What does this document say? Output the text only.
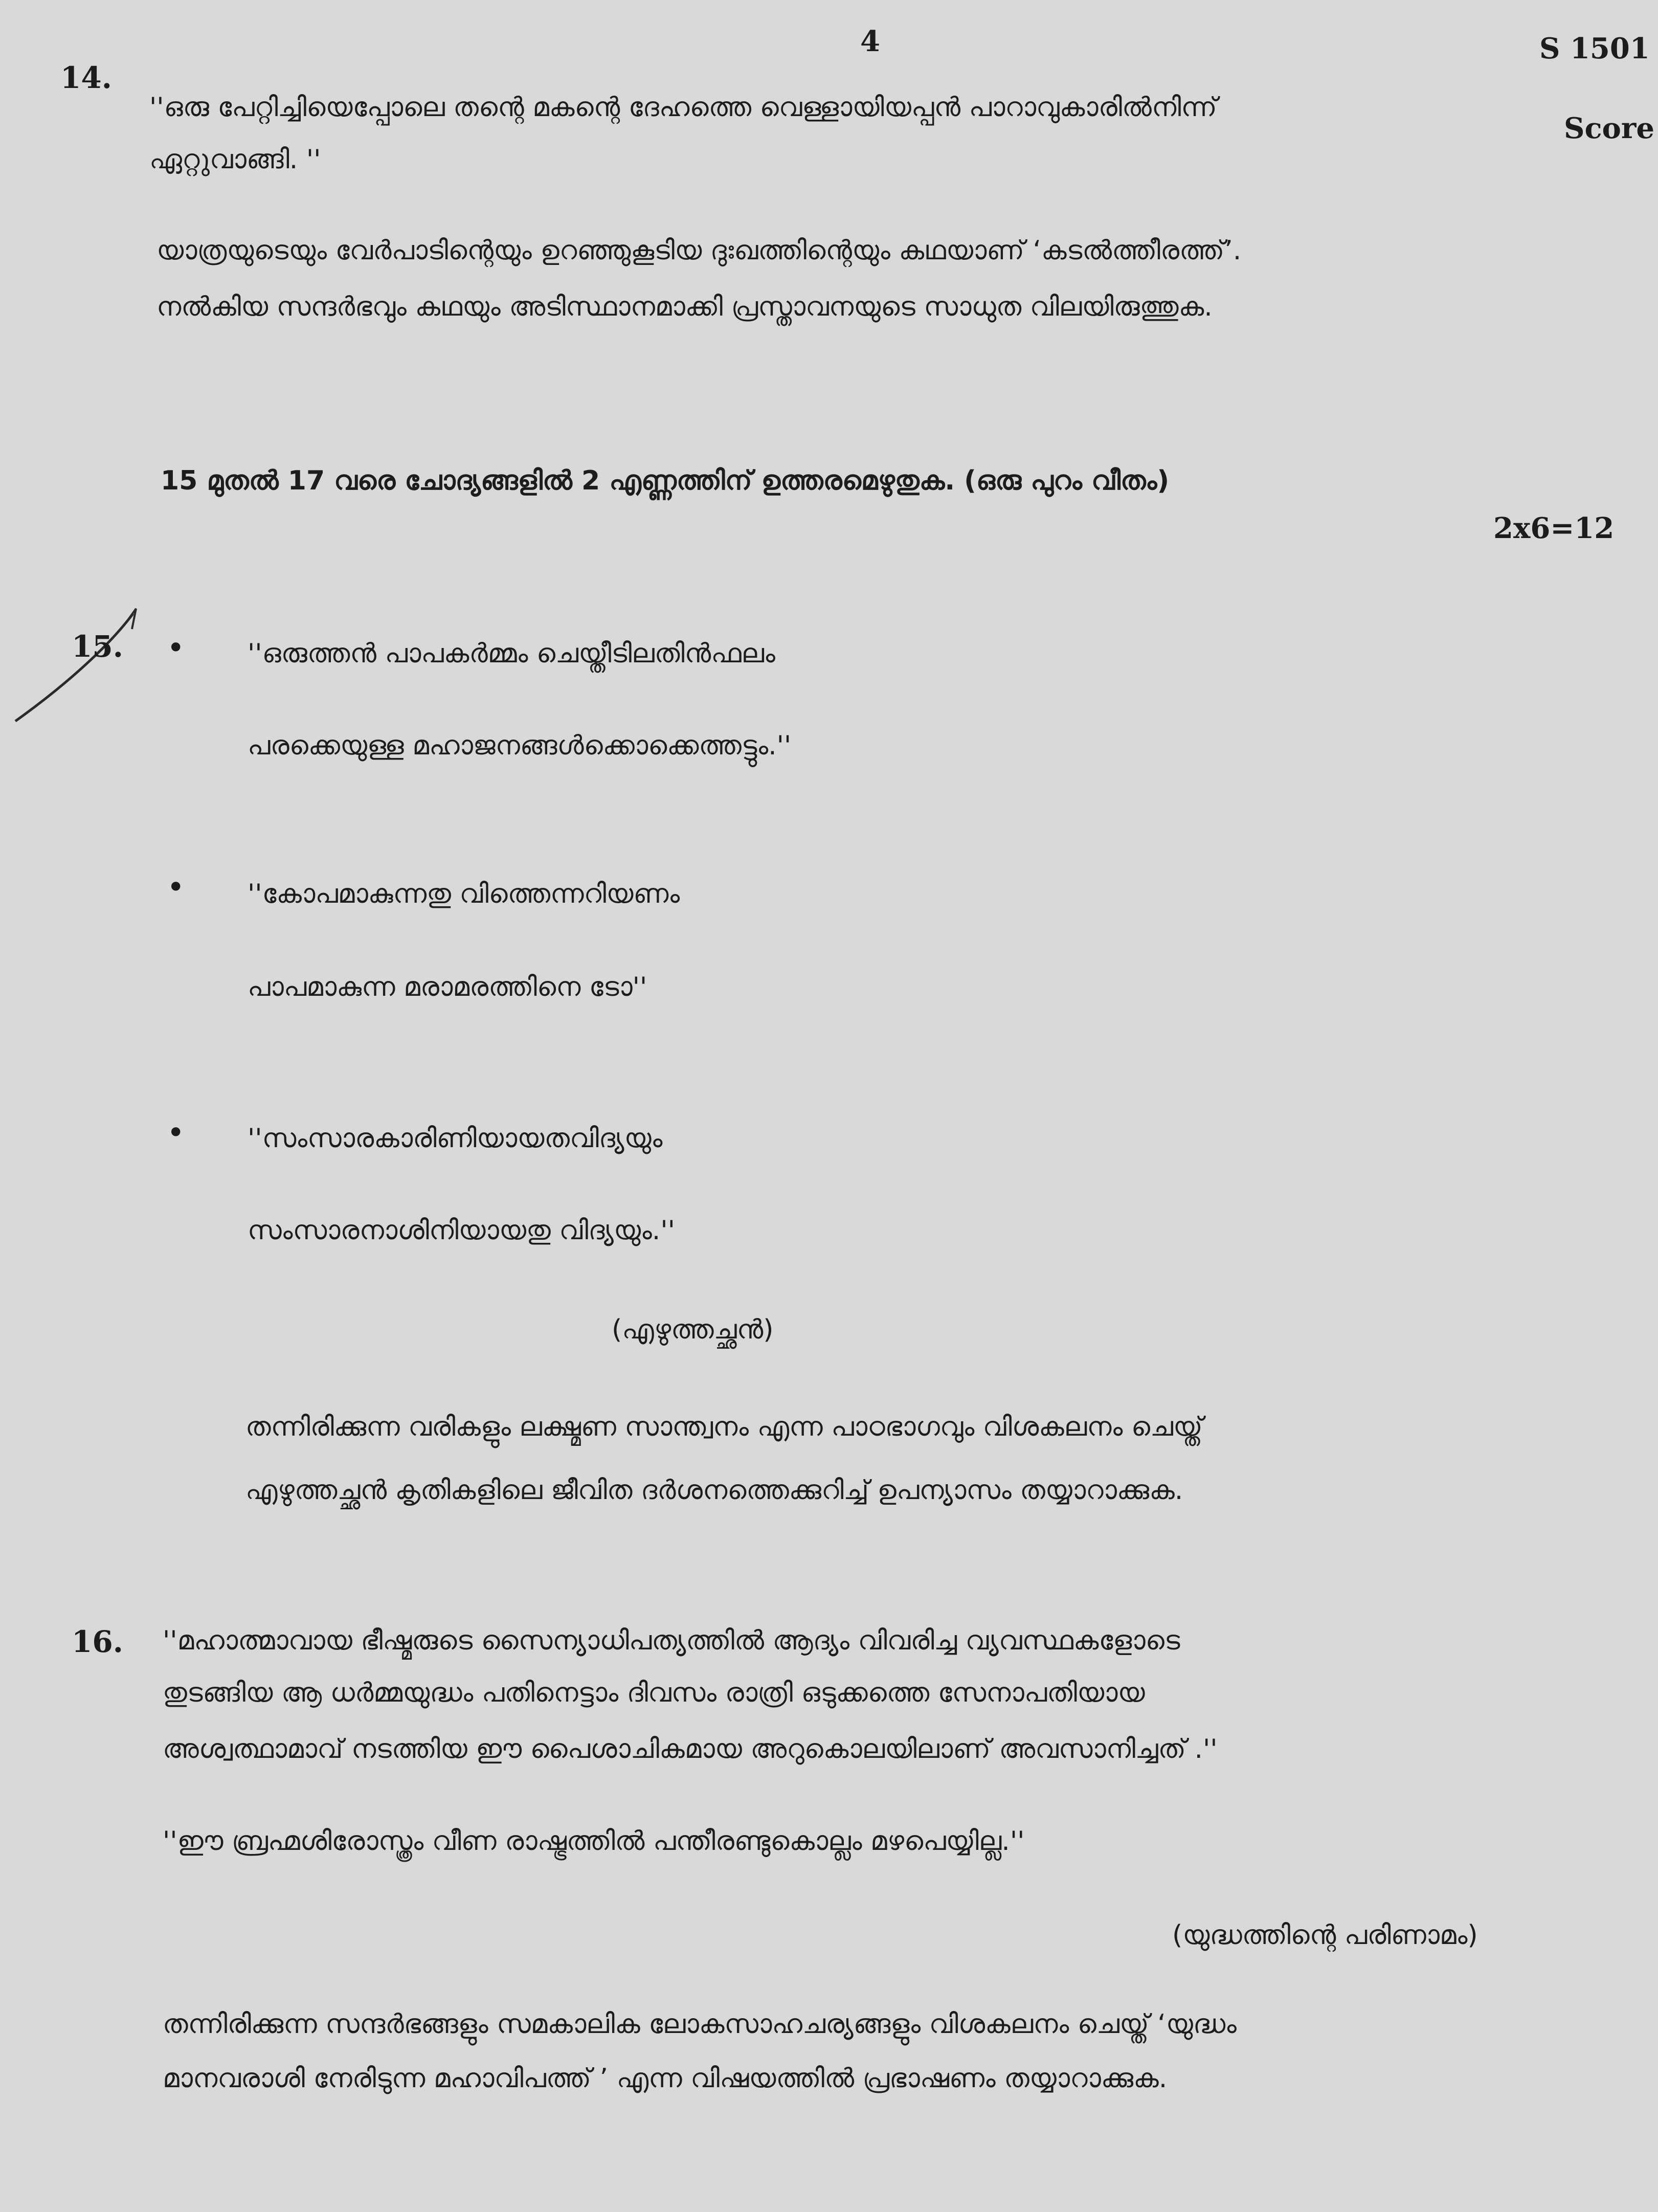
4	S 1501
Score
14.
''ഒരു പേറ്റിച്ചിയെപ്പോലെ തന്റെ മകന്റെ ദേഹത്തെ വെള്ളായിയപ്പൻ പാറാവുകാരിൽനിന്ന്
ഏറ്റുവാങ്ങി. ''
യാത്രയുടെയും വേർപാടിന്റെയും ഉറഞ്ഞുകൂടിയ ദുഃഖത്തിന്റെയും കഥയാണ് ‘കടൽത്തീരത്ത്’.
നൽകിയ സന്ദർഭവും കഥയും അടിസ്ഥാനമാക്കി പ്രസ്താവനയുടെ സാധുത വിലയിരുത്തുക.
15 മുതൽ 17 വരെ ചോദ്യങ്ങളിൽ 2 എണ്ണത്തിന് ഉത്തരമെഴുതുക. (ഒരു പുറം വീതം)
2x6=12
15. • ''ഒരുത്തൻ പാപകർമ്മം ചെയ്തീടിലതിൻഫലം
പരക്കെയുള്ള മഹാജനങ്ങൾക്കൊക്കെത്തട്ടും.''
• ''കോപമാകുന്നതു വിത്തെന്നറിയണം
പാപമാകുന്ന മരാമരത്തിനെ ടോ''
• ''സംസാരകാരിണിയായതവിദ്യയും
സംസാരനാശിനിയായതു വിദ്യയും.''
(എഴുത്തച്ഛൻ)
തന്നിരിക്കുന്ന വരികളും ലക്ഷ്മണ സാന്ത്വനം എന്ന പാഠഭാഗവും വിശകലനം ചെയ്ത്
എഴുത്തച്ഛൻ കൃതികളിലെ ജീവിത ദർശനത്തെക്കുറിച്ച് ഉപന്യാസം തയ്യാറാക്കുക.
16. ''മഹാത്മാവായ ഭീഷ്മരുടെ സൈന്യാധിപത്യത്തിൽ ആദ്യം വിവരിച്ച വ്യവസ്ഥകളോടെ
തുടങ്ങിയ ആ ധർമ്മയുദ്ധം പതിനെട്ടാം ദിവസം രാത്രി ഒടുക്കത്തെ സേനാപതിയായ
അശ്വത്ഥാമാവ് നടത്തിയ ഈ പൈശാചികമായ അറുകൊലയിലാണ് അവസാനിച്ചത് .''
''ഈ ബ്രഹ്മശിരോസ്ത്രം വീണ രാഷ്ട്രത്തിൽ പന്തീരണ്ടുകൊല്ലം മഴപെയ്യില്ല.''
(യുദ്ധത്തിന്റെ പരിണാമം)
തന്നിരിക്കുന്ന സന്ദർഭങ്ങളും സമകാലിക ലോകസാഹചര്യങ്ങളും വിശകലനം ചെയ്ത് ‘യുദ്ധം
മാനവരാശി നേരിടുന്ന മഹാവിപത്ത് ’ എന്ന വിഷയത്തിൽ പ്രഭാഷണം തയ്യാറാക്കുക.
